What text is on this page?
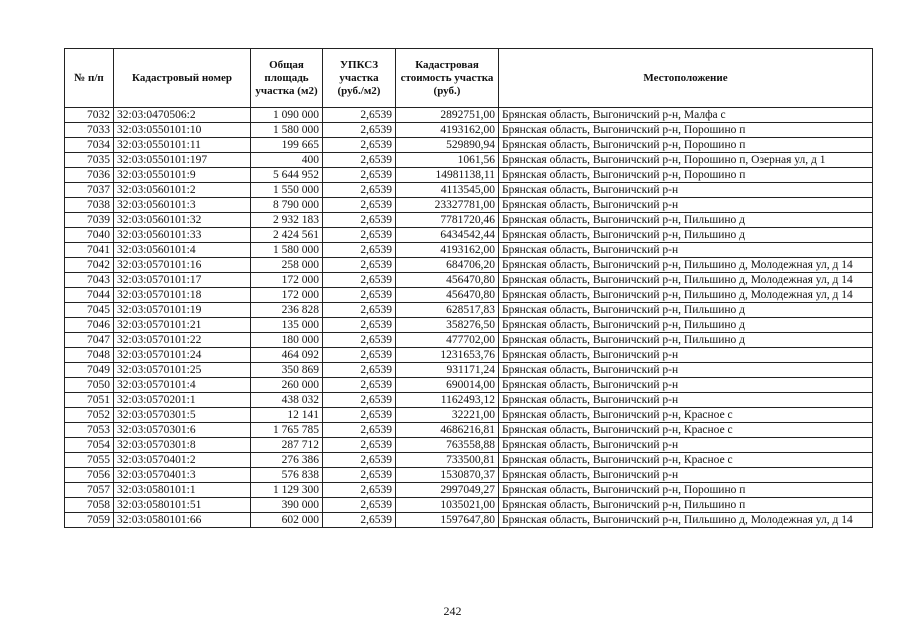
№ п/п	Кадастровый номер	Общая площадь участка (м2)	УПКСЗ участка (руб./м2)	Кадастровая стоимость участка (руб.)	Местоположение
7032	32:03:0470506:2	1 090 000	2,6539	2892751,00	Брянская область, Выгоничский р-н, Малфа с
7033	32:03:0550101:10	1 580 000	2,6539	4193162,00	Брянская область, Выгоничский р-н, Порошино п
7034	32:03:0550101:11	199 665	2,6539	529890,94	Брянская область, Выгоничский р-н, Порошино п
7035	32:03:0550101:197	400	2,6539	1061,56	Брянская область, Выгоничский р-н, Порошино п, Озерная ул, д 1
7036	32:03:0550101:9	5 644 952	2,6539	14981138,11	Брянская область, Выгоничский р-н, Порошино п
7037	32:03:0560101:2	1 550 000	2,6539	4113545,00	Брянская область, Выгоничский р-н
7038	32:03:0560101:3	8 790 000	2,6539	23327781,00	Брянская область, Выгоничский р-н
7039	32:03:0560101:32	2 932 183	2,6539	7781720,46	Брянская область, Выгоничский р-н, Пильшино д
7040	32:03:0560101:33	2 424 561	2,6539	6434542,44	Брянская область, Выгоничский р-н, Пильшино д
7041	32:03:0560101:4	1 580 000	2,6539	4193162,00	Брянская область, Выгоничский р-н
7042	32:03:0570101:16	258 000	2,6539	684706,20	Брянская область, Выгоничский р-н, Пильшино д, Молодежная ул, д 14
7043	32:03:0570101:17	172 000	2,6539	456470,80	Брянская область, Выгоничский р-н, Пильшино д, Молодежная ул, д 14
7044	32:03:0570101:18	172 000	2,6539	456470,80	Брянская область, Выгоничский р-н, Пильшино д, Молодежная ул, д 14
7045	32:03:0570101:19	236 828	2,6539	628517,83	Брянская область, Выгоничский р-н, Пильшино д
7046	32:03:0570101:21	135 000	2,6539	358276,50	Брянская область, Выгоничский р-н, Пильшино д
7047	32:03:0570101:22	180 000	2,6539	477702,00	Брянская область, Выгоничский р-н, Пильшино д
7048	32:03:0570101:24	464 092	2,6539	1231653,76	Брянская область, Выгоничский р-н
7049	32:03:0570101:25	350 869	2,6539	931171,24	Брянская область, Выгоничский р-н
7050	32:03:0570101:4	260 000	2,6539	690014,00	Брянская область, Выгоничский р-н
7051	32:03:0570201:1	438 032	2,6539	1162493,12	Брянская область, Выгоничский р-н
7052	32:03:0570301:5	12 141	2,6539	32221,00	Брянская область, Выгоничский р-н, Красное с
7053	32:03:0570301:6	1 765 785	2,6539	4686216,81	Брянская область, Выгоничский р-н, Красное с
7054	32:03:0570301:8	287 712	2,6539	763558,88	Брянская область, Выгоничский р-н
7055	32:03:0570401:2	276 386	2,6539	733500,81	Брянская область, Выгоничский р-н, Красное с
7056	32:03:0570401:3	576 838	2,6539	1530870,37	Брянская область, Выгоничский р-н
7057	32:03:0580101:1	1 129 300	2,6539	2997049,27	Брянская область, Выгоничский р-н, Порошино п
7058	32:03:0580101:51	390 000	2,6539	1035021,00	Брянская область, Выгоничский р-н, Пильшино п
7059	32:03:0580101:66	602 000	2,6539	1597647,80	Брянская область, Выгоничский р-н, Пильшино д, Молодежная ул, д 14
242
